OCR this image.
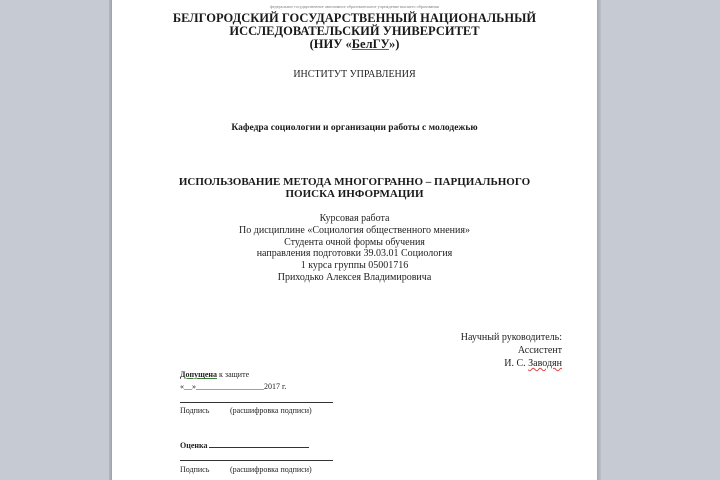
федеральное государственное автономное образовательное учреждение высшего образования
БЕЛГОРОДСКИЙ ГОСУДАРСТВЕННЫЙ НАЦИОНАЛЬНЫЙ
ИССЛЕДОВАТЕЛЬСКИЙ УНИВЕРСИТЕТ
(НИУ «БелГУ»)
ИНСТИТУТ УПРАВЛЕНИЯ
Кафедра социологии и организации работы с молодежью
ИСПОЛЬЗОВАНИЕ МЕТОДА МНОГОГРАННО – ПАРЦИАЛЬНОГО
ПОИСКА ИНФОРМАЦИИ
Курсовая работа
По дисциплине «Социология общественного мнения»
Студента очной формы обучения
направления подготовки 39.03.01 Социология
1 курса группы 05001716
Приходько Алексея Владимировича
Научный руководитель:
Ассистент
И. С. Заводян
Допущена к защите
«__»_________________2017 г.
Подпись	(расшифровка подписи)
Оценка
Подпись	(расшифровка подписи)
